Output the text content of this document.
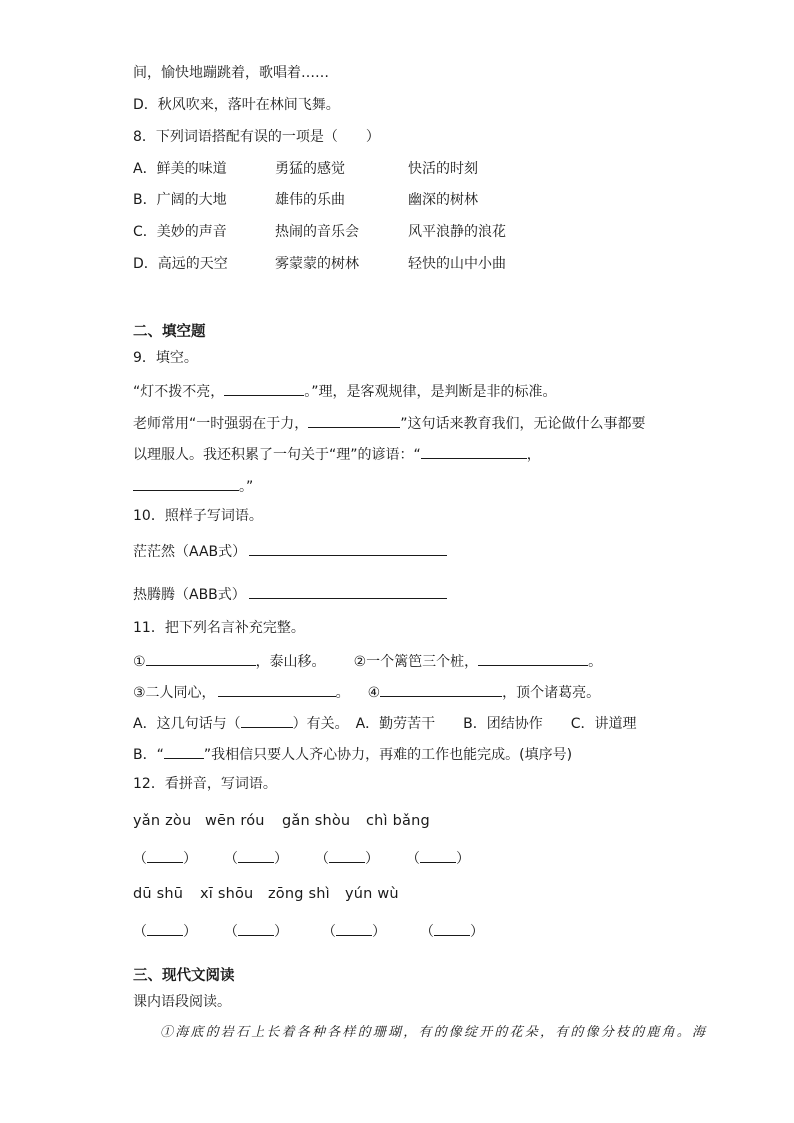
间，愉快地蹦跳着，歌唱着……
D．秋风吹来，落叶在林间飞舞。
8．下列词语搭配有误的一项是（　　）
A．鲜美的味道	勇猛的感觉	快活的时刻
B．广阔的大地	雄伟的乐曲	幽深的树林
C．美妙的声音	热闹的音乐会	风平浪静的浪花
D．高远的天空	雾蒙蒙的树林	轻快的山中小曲
二、填空题
9．填空。
“灯不拨不亮，	。”理，是客观规律，是判断是非的标准。
老师常用“一时强弱在于力，	”这句话来教育我们，无论做什么事都要
以理服人。我还积累了一句关于“理”的谚语：“	，
。”
10．照样子写词语。
茫茫然（AAB式）
热腾腾（ABB式）
11．把下列名言补充完整。
①	，泰山移。 ②一个篱笆三个桩，	。
③二人同心，	。 ④	，顶个诸葛亮。
A．这几句话与（	）有关。 A．勤劳苦干 B．团结协作 C．讲道理
B．“	”我相信只要人人齐心协力，再难的工作也能完成。(填序号)
12．看拼音，写词语。
yǎn zòu wēn róu gǎn shòu chì bǎng
（	） （	） （	） （	）
dū shū xī shōu zōng shì yún wù
（	） （	） （	） （	）
三、现代文阅读
课内语段阅读。
①海底的岩石上长着各种各样的珊瑚，有的像绽开的花朵，有的像分枝的鹿角。海
